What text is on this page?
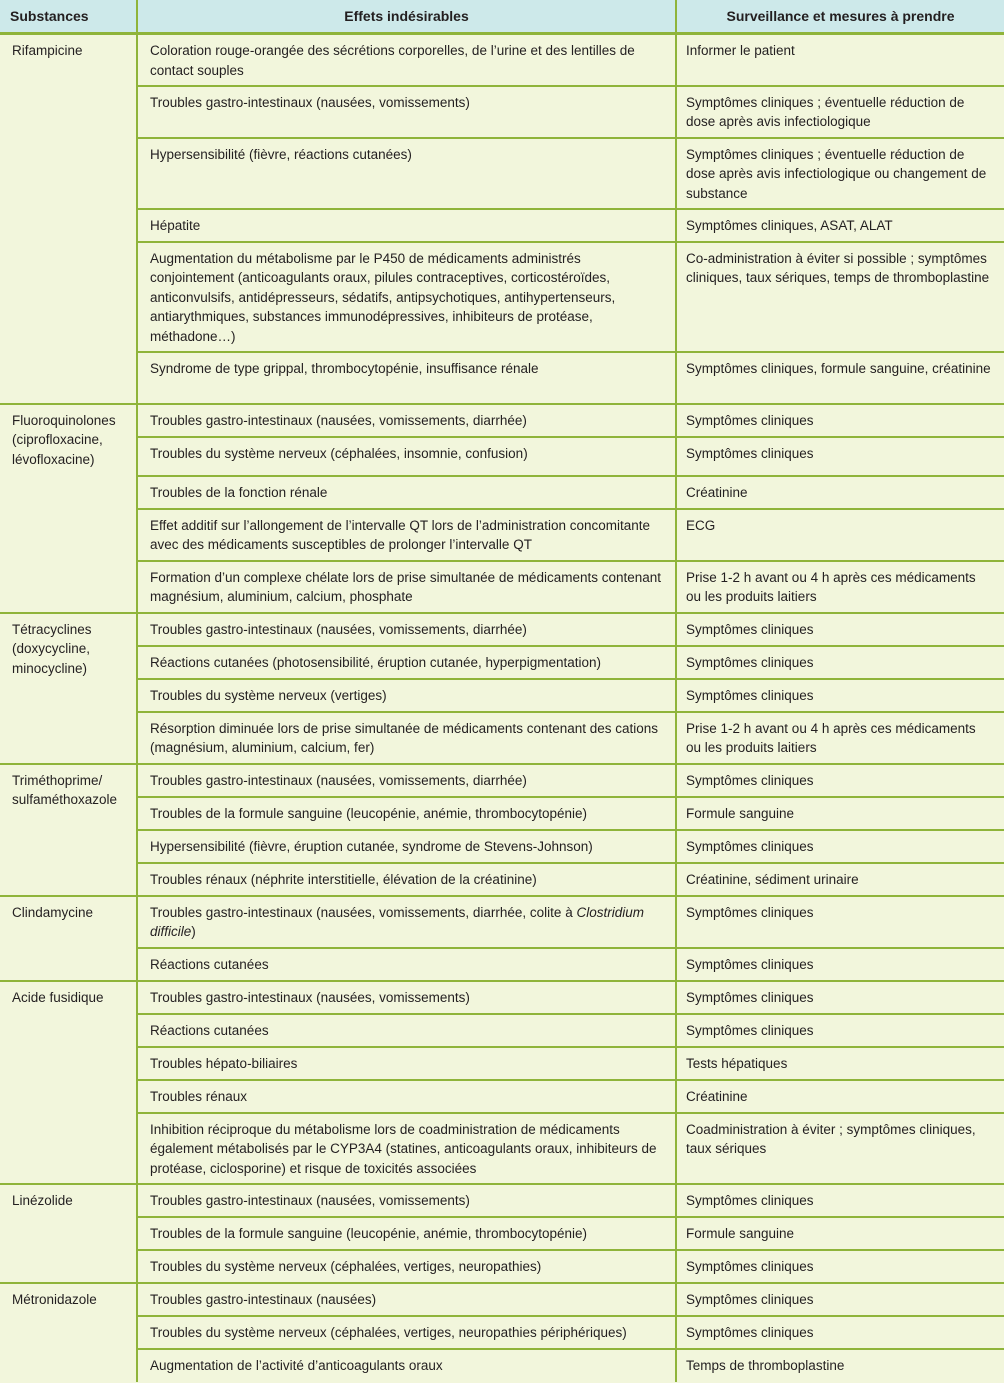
Substances	Effets indésirables	Surveillance et mesures à prendre
Rifampicine	Coloration rouge-orangée des sécrétions corporelles, de l’urine et des lentilles de contact souples	Informer le patient
	Troubles gastro-intestinaux (nausées, vomissements)	Symptômes cliniques ; éventuelle réduction de dose après avis infectiologique
	Hypersensibilité (fièvre, réactions cutanées)	Symptômes cliniques ; éventuelle réduction de dose après avis infectiologique ou changement de substance
	Hépatite	Symptômes cliniques, ASAT, ALAT
	Augmentation du métabolisme par le P450 de médicaments administrés conjointement (anticoagulants oraux, pilules contraceptives, corticostéroïdes, anticonvulsifs, antidépresseurs, sédatifs, antipsychotiques, antihypertenseurs, antiarythmiques, substances immunodépressives, inhibiteurs de protéase, méthadone…)	Co-administration à éviter si possible ; symptômes cliniques, taux sériques, temps de thromboplastine
	Syndrome de type grippal, thrombocytopénie, insuffisance rénale	Symptômes cliniques, formule sanguine, créatinine
Fluoroquinolones (ciprofloxacine, lévofloxacine)	Troubles gastro-intestinaux (nausées, vomissements, diarrhée)	Symptômes cliniques
	Troubles du système nerveux (céphalées, insomnie, confusion)	Symptômes cliniques
	Troubles de la fonction rénale	Créatinine
	Effet additif sur l’allongement de l’intervalle QT lors de l’administration concomitante avec des médicaments susceptibles de prolonger l’intervalle QT	ECG
	Formation d’un complexe chélate lors de prise simultanée de médicaments contenant magnésium, aluminium, calcium, phosphate	Prise 1-2 h avant ou 4 h après ces médicaments ou les produits laitiers
Tétracyclines (doxycycline, minocycline)	Troubles gastro-intestinaux (nausées, vomissements, diarrhée)	Symptômes cliniques
	Réactions cutanées (photosensibilité, éruption cutanée, hyperpigmentation)	Symptômes cliniques
	Troubles du système nerveux (vertiges)	Symptômes cliniques
	Résorption diminuée lors de prise simultanée de médicaments contenant des cations (magnésium, aluminium, calcium, fer)	Prise 1-2 h avant ou 4 h après ces médicaments ou les produits laitiers
Triméthoprime/ sulfaméthoxazole	Troubles gastro-intestinaux (nausées, vomissements, diarrhée)	Symptômes cliniques
	Troubles de la formule sanguine (leucopénie, anémie, thrombocytopénie)	Formule sanguine
	Hypersensibilité (fièvre, éruption cutanée, syndrome de Stevens-Johnson)	Symptômes cliniques
	Troubles rénaux (néphrite interstitielle, élévation de la créatinine)	Créatinine, sédiment urinaire
Clindamycine	Troubles gastro-intestinaux (nausées, vomissements, diarrhée, colite à Clostridium difficile)	Symptômes cliniques
	Réactions cutanées	Symptômes cliniques
Acide fusidique	Troubles gastro-intestinaux (nausées, vomissements)	Symptômes cliniques
	Réactions cutanées	Symptômes cliniques
	Troubles hépato-biliaires	Tests hépatiques
	Troubles rénaux	Créatinine
	Inhibition réciproque du métabolisme lors de coadministration de médicaments également métabolisés par le CYP3A4 (statines, anticoagulants oraux, inhibiteurs de protéase, ciclosporine) et risque de toxicités associées	Coadministration à éviter ; symptômes cliniques, taux sériques
Linézolide	Troubles gastro-intestinaux (nausées, vomissements)	Symptômes cliniques
	Troubles de la formule sanguine (leucopénie, anémie, thrombocytopénie)	Formule sanguine
	Troubles du système nerveux (céphalées, vertiges, neuropathies)	Symptômes cliniques
Métronidazole	Troubles gastro-intestinaux (nausées)	Symptômes cliniques
	Troubles du système nerveux (céphalées, vertiges, neuropathies périphériques)	Symptômes cliniques
	Augmentation de l’activité d’anticoagulants oraux	Temps de thromboplastine
